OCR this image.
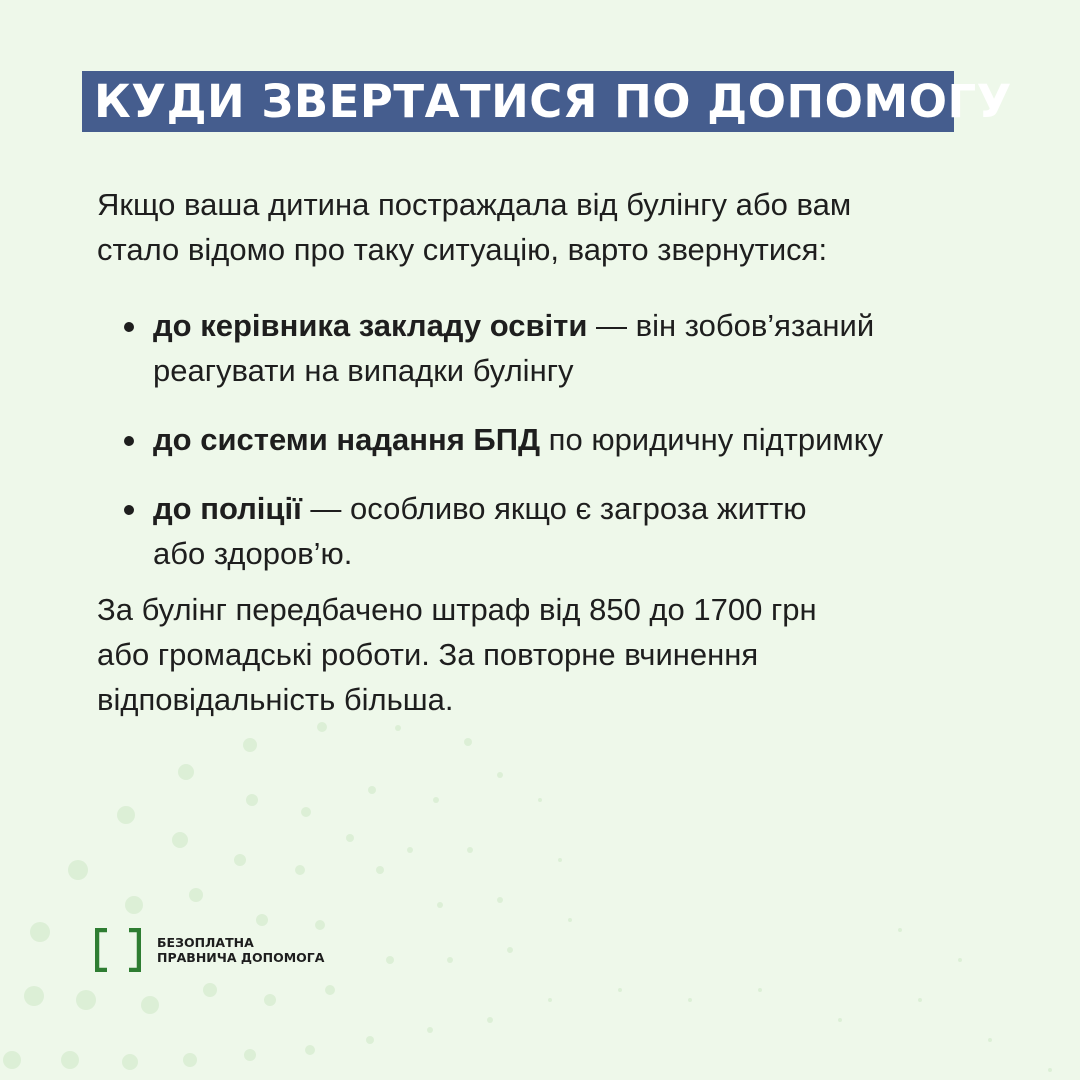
КУДИ ЗВЕРТАТИСЯ ПО ДОПОМОГУ
Якщо ваша дитина постраждала від булінгу або вам
стало відомо про таку ситуацію, варто звернутися:
до керівника закладу освіти — він зобов’язаний
реагувати на випадки булінгу
до системи надання БПД по юридичну підтримку
до поліції — особливо якщо є загроза життю
або здоров’ю.
За булінг передбачено штраф від 850 до 1700 грн
або громадські роботи. За повторне вчинення
відповідальність більша.
БЕЗОПЛАТНА
ПРАВНИЧА ДОПОМОГА
